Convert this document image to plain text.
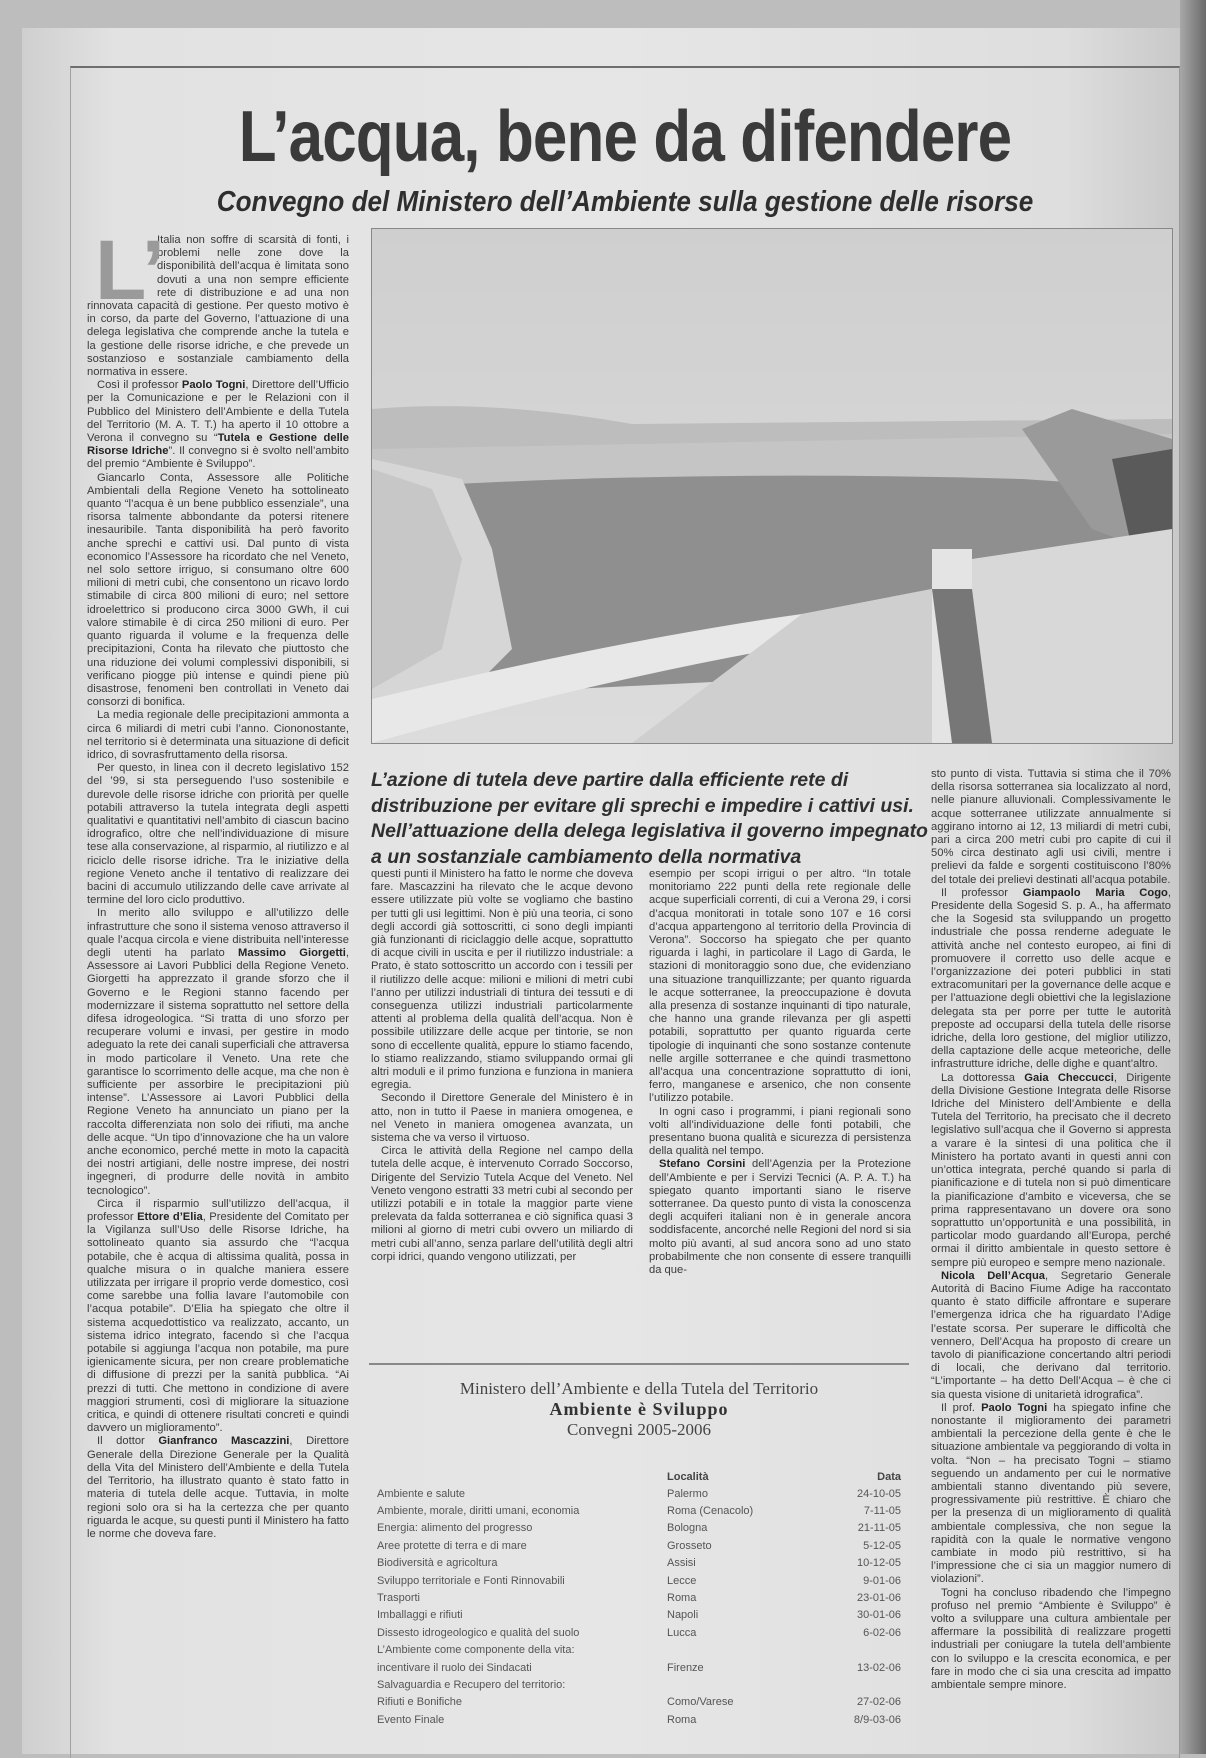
L’acqua, bene da difendere
Convegno del Ministero dell’Ambiente sulla gestione delle risorse
L’

Italia non soffre di scarsità di fonti, i problemi nelle zone dove la disponibilità dell’acqua è limitata sono dovuti a una non sempre efficiente rete di distribuzione e ad una non rinnovata capacità di gestione. Per questo motivo è in corso, da parte del Governo, l’attuazione di una delega legislativa che comprende anche la tutela e la gestione delle risorse idriche, e che prevede un sostanzioso e sostanziale cambiamento della normativa in essere.

Così il professor Paolo Togni, Direttore dell’Ufficio per la Comunicazione e per le Relazioni con il Pubblico del Ministero dell’Ambiente e della Tutela del Territorio (M. A. T. T.) ha aperto il 10 ottobre a Verona il convegno su “Tutela e Gestione delle Risorse Idriche”. Il convegno si è svolto nell’ambito del premio “Ambiente è Sviluppo”.

Giancarlo Conta, Assessore alle Politiche Ambientali della Regione Veneto ha sottolineato quanto “l’acqua è un bene pubblico essenziale”, una risorsa talmente abbondante da potersi ritenere inesauribile. Tanta disponibilità ha però favorito anche sprechi e cattivi usi. Dal punto di vista economico l’Assessore ha ricordato che nel Veneto, nel solo settore irriguo, si consumano oltre 600 milioni di metri cubi, che consentono un ricavo lordo stimabile di circa 800 milioni di euro; nel settore idroelettrico si producono circa 3000 GWh, il cui valore stimabile è di circa 250 milioni di euro. Per quanto riguarda il volume e la frequenza delle precipitazioni, Conta ha rilevato che piuttosto che una riduzione dei volumi complessivi disponibili, si verificano piogge più intense e quindi piene più disastrose, fenomeni ben controllati in Veneto dai consorzi di bonifica.

La media regionale delle precipitazioni ammonta a circa 6 miliardi di metri cubi l’anno. Ciononostante, nel territorio si è determinata una situazione di deficit idrico, di sovrasfruttamento della risorsa.

Per questo, in linea con il decreto legislativo 152 del ’99, si sta perseguendo l’uso sostenibile e durevole delle risorse idriche con priorità per quelle potabili attraverso la tutela integrata degli aspetti qualitativi e quantitativi nell’ambito di ciascun bacino idrografico, oltre che nell’individuazione di misure tese alla conservazione, al risparmio, al riutilizzo e al riciclo delle risorse idriche. Tra le iniziative della regione Veneto anche il tentativo di realizzare dei bacini di accumulo utilizzando delle cave arrivate al termine del loro ciclo produttivo.

In merito allo sviluppo e all’utilizzo delle infrastrutture che sono il sistema venoso attraverso il quale l’acqua circola e viene distribuita nell’interesse degli utenti ha parlato Massimo Giorgetti, Assessore ai Lavori Pubblici della Regione Veneto. Giorgetti ha apprezzato il grande sforzo che il Governo e le Regioni stanno facendo per modernizzare il sistema soprattutto nel settore della difesa idrogeologica. “Si tratta di uno sforzo per recuperare volumi e invasi, per gestire in modo adeguato la rete dei canali superficiali che attraversa in modo particolare il Veneto. Una rete che garantisce lo scorrimento delle acque, ma che non è sufficiente per assorbire le precipitazioni più intense”. L’Assessore ai Lavori Pubblici della Regione Veneto ha annunciato un piano per la raccolta differenziata non solo dei rifiuti, ma anche delle acque. “Un tipo d’innovazione che ha un valore anche economico, perché mette in moto la capacità dei nostri artigiani, delle nostre imprese, dei nostri ingegneri, di produrre delle novità in ambito tecnologico”.

Circa il risparmio sull’utilizzo dell’acqua, il professor Ettore d’Elia, Presidente del Comitato per la Vigilanza sull’Uso delle Risorse Idriche, ha sottolineato quanto sia assurdo che “l’acqua potabile, che è acqua di altissima qualità, possa in qualche misura o in qualche maniera essere utilizzata per irrigare il proprio verde domestico, così come sarebbe una follia lavare l’automobile con l’acqua potabile”. D’Elia ha spiegato che oltre il sistema acquedottistico va realizzato, accanto, un sistema idrico integrato, facendo sì che l’acqua potabile si aggiunga l’acqua non potabile, ma pure igienicamente sicura, per non creare problematiche di diffusione di prezzi per la sanità pubblica. “Ai prezzi di tutti. Che mettono in condizione di avere maggiori strumenti, così di migliorare la situazione critica, e quindi di ottenere risultati concreti e quindi davvero un miglioramento”.

Il dottor Gianfranco Mascazzini, Direttore Generale della Direzione Generale per la Qualità della Vita del Ministero dell’Ambiente e della Tutela del Territorio, ha illustrato quanto è stato fatto in materia di tutela delle acque. Tuttavia, in molte regioni solo ora si ha la certezza che per quanto riguarda le acque, su questi punti il Ministero ha fatto le norme che doveva fare.

L’azione di tutela deve partire dalla efficiente rete di distribuzione per evitare gli sprechi e impedire i cattivi usi. Nell’attuazione della delega legislativa il governo impegnato a un sostanziale cambiamento della normativa

questi punti il Ministero ha fatto le norme che doveva fare. Mascazzini ha rilevato che le acque devono essere utilizzate più volte se vogliamo che bastino per tutti gli usi legittimi. Non è più una teoria, ci sono degli accordi già sottoscritti, ci sono degli impianti già funzionanti di riciclaggio delle acque, soprattutto di acque civili in uscita e per il riutilizzo industriale: a Prato, è stato sottoscritto un accordo con i tessili per il riutilizzo delle acque: milioni e milioni di metri cubi l’anno per utilizzi industriali di tintura dei tessuti e di conseguenza utilizzi industriali particolarmente attenti al problema della qualità dell’acqua. Non è possibile utilizzare delle acque per tintorie, se non sono di eccellente qualità, eppure lo stiamo facendo, lo stiamo realizzando, stiamo sviluppando ormai gli altri moduli e il primo funziona e funziona in maniera egregia.

Secondo il Direttore Generale del Ministero è in atto, non in tutto il Paese in maniera omogenea, e nel Veneto in maniera omogenea avanzata, un sistema che va verso il virtuoso.

Circa le attività della Regione nel campo della tutela delle acque, è intervenuto Corrado Soccorso, Dirigente del Servizio Tutela Acque del Veneto. Nel Veneto vengono estratti 33 metri cubi al secondo per utilizzi potabili e in totale la maggior parte viene prelevata da falda sotterranea e ciò significa quasi 3 milioni al giorno di metri cubi ovvero un miliardo di metri cubi all’anno, senza parlare dell’utilità degli altri corpi idrici, quando vengono utilizzati, per

esempio per scopi irrigui o per altro. “In totale monitoriamo 222 punti della rete regionale delle acque superficiali correnti, di cui a Verona 29, i corsi d’acqua monitorati in totale sono 107 e 16 corsi d’acqua appartengono al territorio della Provincia di Verona”. Soccorso ha spiegato che per quanto riguarda i laghi, in particolare il Lago di Garda, le stazioni di monitoraggio sono due, che evidenziano una situazione tranquillizzante; per quanto riguarda le acque sotterranee, la preoccupazione è dovuta alla presenza di sostanze inquinanti di tipo naturale, che hanno una grande rilevanza per gli aspetti potabili, soprattutto per quanto riguarda certe tipologie di inquinanti che sono sostanze contenute nelle argille sotterranee e che quindi trasmettono all’acqua una concentrazione soprattutto di ioni, ferro, manganese e arsenico, che non consente l’utilizzo potabile.

In ogni caso i programmi, i piani regionali sono volti all’individuazione delle fonti potabili, che presentano buona qualità e sicurezza di persistenza della qualità nel tempo.

Stefano Corsini dell’Agenzia per la Protezione dell’Ambiente e per i Servizi Tecnici (A. P. A. T.) ha spiegato quanto importanti siano le riserve sotterranee. Da questo punto di vista la conoscenza degli acquiferi italiani non è in generale ancora soddisfacente, ancorché nelle Regioni del nord si sia molto più avanti, al sud ancora sono ad uno stato probabilmente che non consente di essere tranquilli da que-

sto punto di vista. Tuttavia si stima che il 70% della risorsa sotterranea sia localizzato al nord, nelle pianure alluvionali. Complessivamente le acque sotterranee utilizzate annualmente si aggirano intorno ai 12, 13 miliardi di metri cubi, pari a circa 200 metri cubi pro capite di cui il 50% circa destinato agli usi civili, mentre i prelievi da falde e sorgenti costituiscono l’80% del totale dei prelievi destinati all’acqua potabile.

Il professor Giampaolo Maria Cogo, Presidente della Sogesid S. p. A., ha affermato che la Sogesid sta sviluppando un progetto industriale che possa renderne adeguate le attività anche nel contesto europeo, ai fini di promuovere il corretto uso delle acque e l’organizzazione dei poteri pubblici in stati extracomunitari per la governance delle acque e per l’attuazione degli obiettivi che la legislazione delegata sta per porre per tutte le autorità preposte ad occuparsi della tutela delle risorse idriche, della loro gestione, del miglior utilizzo, della captazione delle acque meteoriche, delle infrastrutture idriche, delle dighe e quant’altro.

La dottoressa Gaia Checcucci, Dirigente della Divisione Gestione Integrata delle Risorse Idriche del Ministero dell’Ambiente e della Tutela del Territorio, ha precisato che il decreto legislativo sull’acqua che il Governo si appresta a varare è la sintesi di una politica che il Ministero ha portato avanti in questi anni con un’ottica integrata, perché quando si parla di pianificazione e di tutela non si può dimenticare la pianificazione d’ambito e viceversa, che se prima rappresentavano un dovere ora sono soprattutto un’opportunità e una possibilità, in particolar modo guardando all’Europa, perché ormai il diritto ambientale in questo settore è sempre più europeo e sempre meno nazionale.

Nicola Dell’Acqua, Segretario Generale Autorità di Bacino Fiume Adige ha raccontato quanto è stato difficile affrontare e superare l’emergenza idrica che ha riguardato l’Adige l’estate scorsa. Per superare le difficoltà che vennero, Dell’Acqua ha proposto di creare un tavolo di pianificazione concertando altri periodi di locali, che derivano dal territorio. “L’importante – ha detto Dell’Acqua – è che ci sia questa visione di unitarietà idrografica”.

Il prof. Paolo Togni ha spiegato infine che nonostante il miglioramento dei parametri ambientali la percezione della gente è che le situazione ambientale va peggiorando di volta in volta. “Non – ha precisato Togni – stiamo seguendo un andamento per cui le normative ambientali stanno diventando più severe, progressivamente più restrittive. È chiaro che per la presenza di un miglioramento di qualità ambientale complessiva, che non segue la rapidità con la quale le normative vengono cambiate in modo più restrittivo, si ha l’impressione che ci sia un maggior numero di violazioni”.

Togni ha concluso ribadendo che l’impegno profuso nel premio “Ambiente è Sviluppo” è volto a sviluppare una cultura ambientale per affermare la possibilità di realizzare progetti industriali per coniugare la tutela dell’ambiente con lo sviluppo e la crescita economica, e per fare in modo che ci sia una crescita ad impatto ambientale sempre minore.

Ministero dell’Ambiente e della Tutela del Territorio
Ambiente è Sviluppo
Convegni 2005-2006
	Località	Data
Ambiente e salute	Palermo	24-10-05
Ambiente, morale, diritti umani, economia	Roma (Cenacolo)	7-11-05
Energia: alimento del progresso	Bologna	21-11-05
Aree protette di terra e di mare	Grosseto	5-12-05
Biodiversità e agricoltura	Assisi	10-12-05
Sviluppo territoriale e Fonti Rinnovabili	Lecce	9-01-06
Trasporti	Roma	23-01-06
Imballaggi e rifiuti	Napoli	30-01-06
Dissesto idrogeologico e qualità del suolo	Lucca	6-02-06
L’Ambiente come componente della vita:		
incentivare il ruolo dei Sindacati	Firenze	13-02-06
Salvaguardia e Recupero del territorio:		
Rifiuti e Bonifiche	Como/Varese	27-02-06
Evento Finale	Roma	8/9-03-06
